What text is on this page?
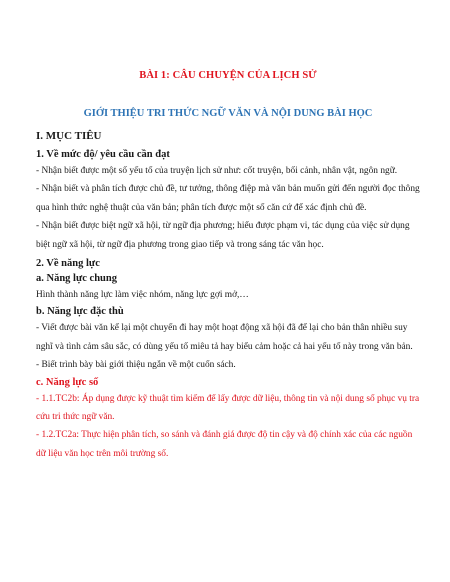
BÀI 1: CÂU CHUYỆN CỦA LỊCH SỬ
GIỚI THIỆU TRI THỨC NGỮ VĂN VÀ NỘI DUNG BÀI HỌC
I. MỤC TIÊU
1. Về mức độ/ yêu cầu cần đạt

- Nhận biết được một số yếu tố của truyện lịch sử như: cốt truyện, bối cảnh, nhân vật, ngôn ngữ.

- Nhận biết và phân tích được chủ đề, tư tưởng, thông điệp mà văn bản muốn gửi đến người đọc thông qua hình thức nghệ thuật của văn bản; phân tích được một số căn cứ để xác định chủ đề.

- Nhận biết được biệt ngữ xã hội, từ ngữ địa phương; hiểu được phạm vi, tác dụng của việc sử dụng biệt ngữ xã hội, từ ngữ địa phương trong giao tiếp và trong sáng tác văn học.

2. Về năng lực
a. Năng lực chung

Hình thành năng lực làm việc nhóm, năng lực gợi mở,…

b. Năng lực đặc thù

- Viết được bài văn kể lại một chuyến đi hay một hoạt động xã hội đã để lại cho bản thân nhiều suy nghĩ và tình cảm sâu sắc, có dùng yếu tố miêu tả hay biểu cảm hoặc cả hai yếu tố này trong văn bản.

- Biết trình bày bài giới thiệu ngắn về một cuốn sách.

c. Năng lực số

- 1.1.TC2b: Áp dụng được kỹ thuật tìm kiếm để lấy được dữ liệu, thông tin và nội dung số phục vụ tra cứu tri thức ngữ văn.

- 1.2.TC2a: Thực hiện phân tích, so sánh và đánh giá được độ tin cậy và độ chính xác của các nguồn dữ liệu văn học trên môi trường số.
